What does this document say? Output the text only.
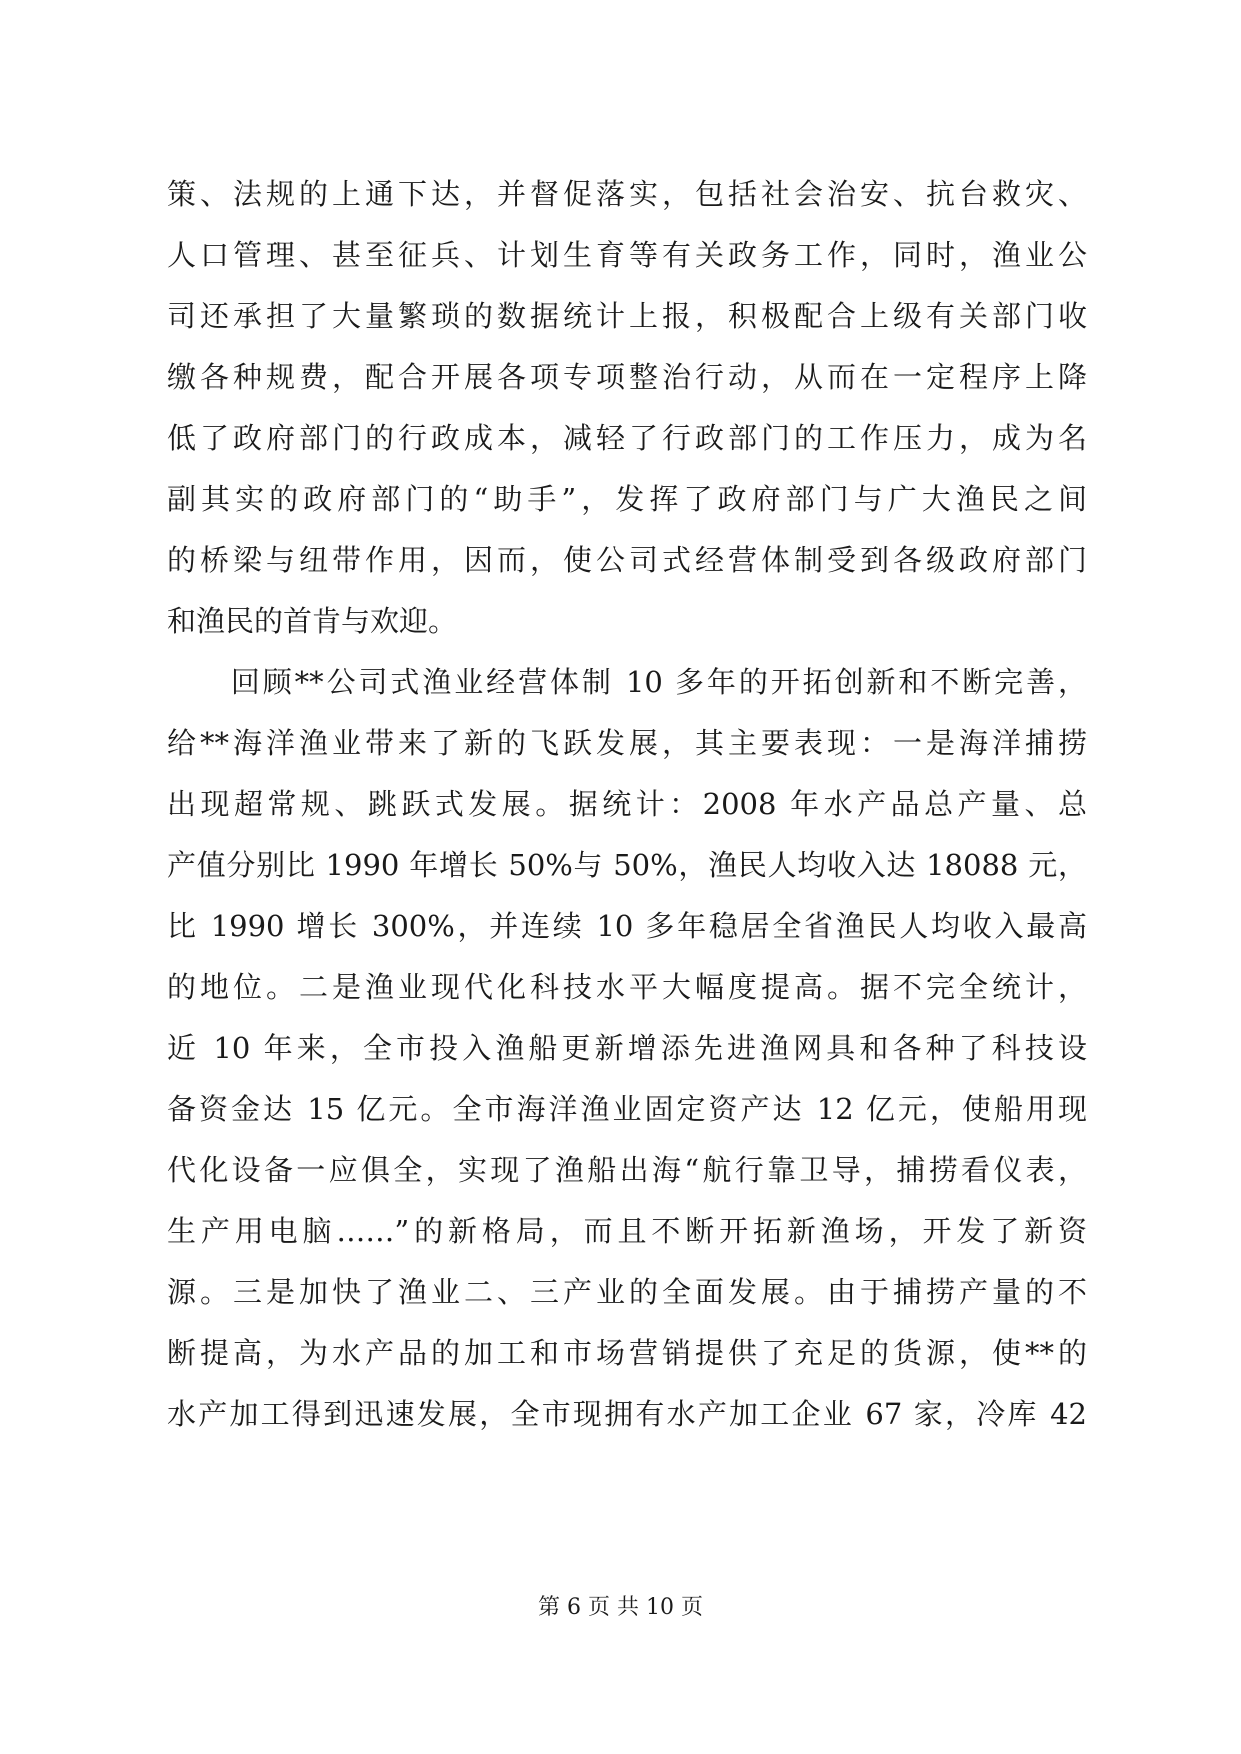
策、法规的上通下达，并督促落实，包括社会治安、抗台救灾、
人口管理、甚至征兵、计划生育等有关政务工作，同时，渔业公
司还承担了大量繁琐的数据统计上报，积极配合上级有关部门收
缴各种规费，配合开展各项专项整治行动，从而在一定程序上降
低了政府部门的行政成本，减轻了行政部门的工作压力，成为名
副其实的政府部门的“助手”，发挥了政府部门与广大渔民之间
的桥梁与纽带作用，因而，使公司式经营体制受到各级政府部门
和渔民的首肯与欢迎。
　　回顾**公司式渔业经营体制 10 多年的开拓创新和不断完善，
给**海洋渔业带来了新的飞跃发展，其主要表现：一是海洋捕捞
出现超常规、跳跃式发展。据统计：2008 年水产品总产量、总
产值分别比 1990 年增长 50%与 50%，渔民人均收入达 18088 元，
比 1990 增长 300%，并连续 10 多年稳居全省渔民人均收入最高
的地位。二是渔业现代化科技水平大幅度提高。据不完全统计，
近 10 年来，全市投入渔船更新增添先进渔网具和各种了科技设
备资金达 15 亿元。全市海洋渔业固定资产达 12 亿元，使船用现
代化设备一应俱全，实现了渔船出海“航行靠卫导，捕捞看仪表，
生产用电脑……”的新格局，而且不断开拓新渔场，开发了新资
源。三是加快了渔业二、三产业的全面发展。由于捕捞产量的不
断提高，为水产品的加工和市场营销提供了充足的货源，使**的
水产加工得到迅速发展，全市现拥有水产加工企业 67 家，冷库 42
第 6 页 共 10 页
